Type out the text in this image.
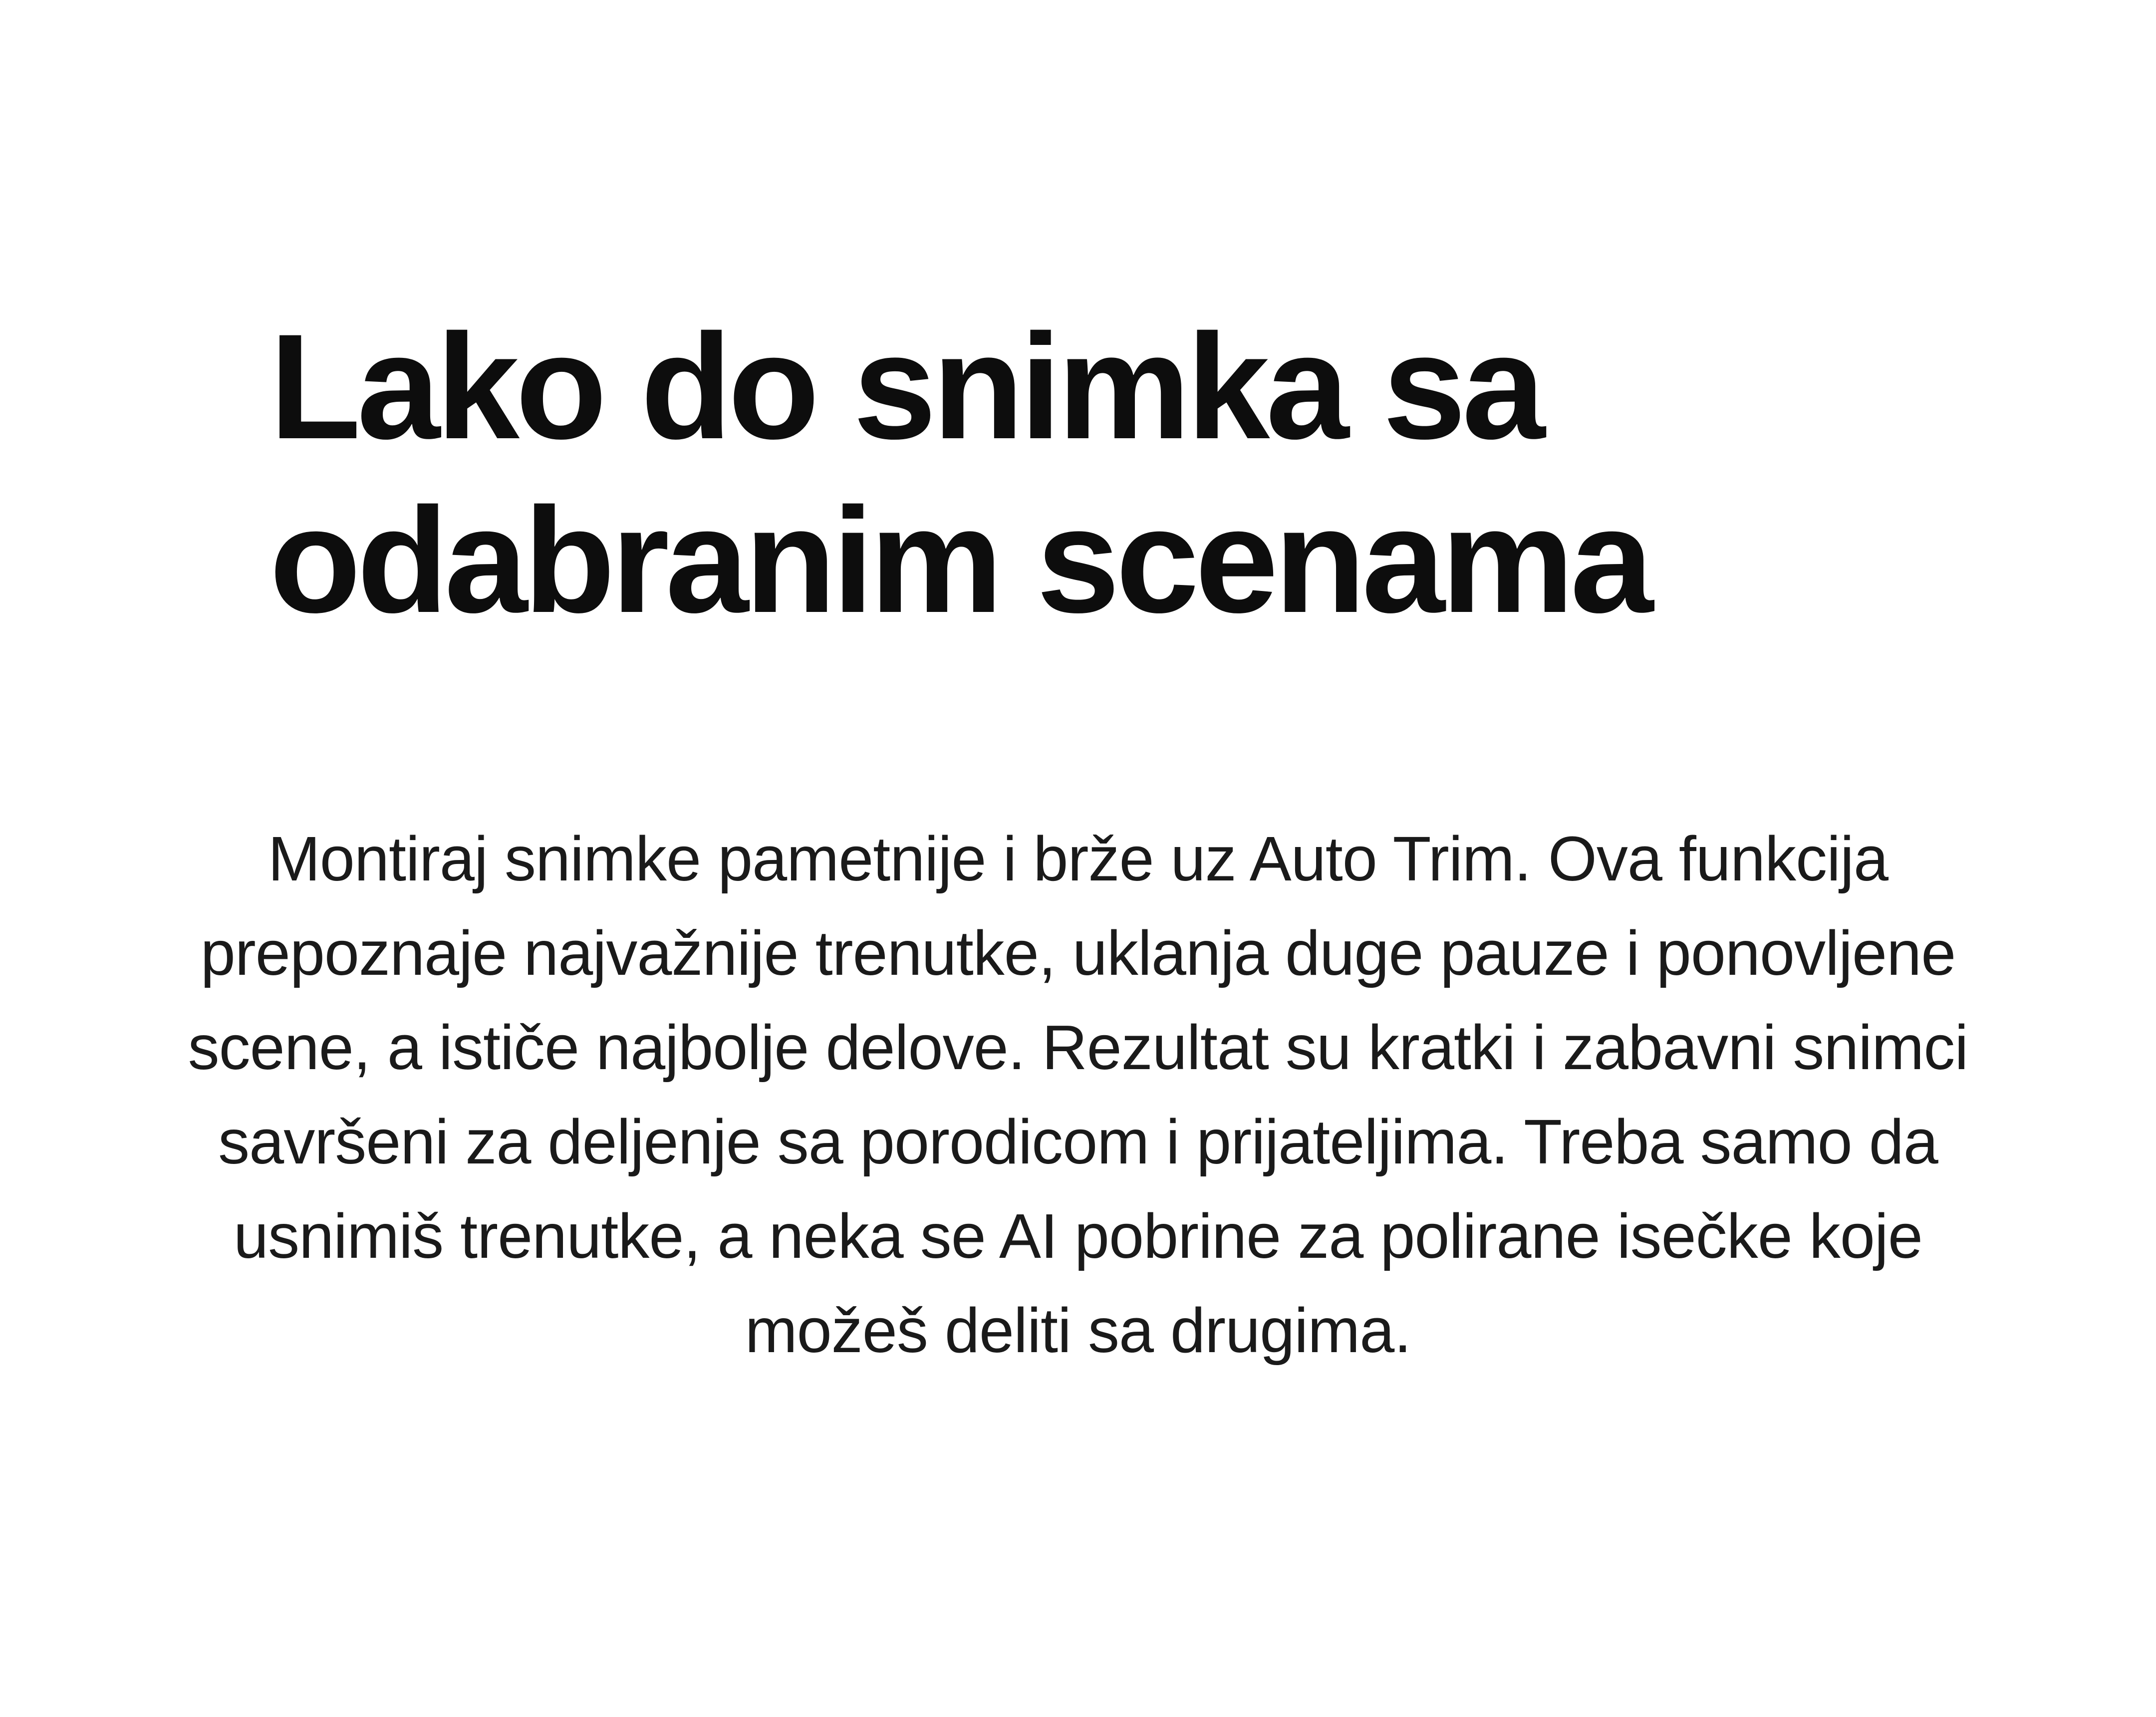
Lako do snimka sa odabranim scenama

Montiraj snimke pametnije i brže uz Auto Trim. Ova funkcija prepoznaje najvažnije trenutke, uklanja duge pauze i ponovljene scene, a ističe najbolje delove. Rezultat su kratki i zabavni snimci savršeni za deljenje sa porodicom i prijateljima. Treba samo da usnimiš trenutke, a neka se AI pobrine za polirane isečke koje možeš deliti sa drugima.
